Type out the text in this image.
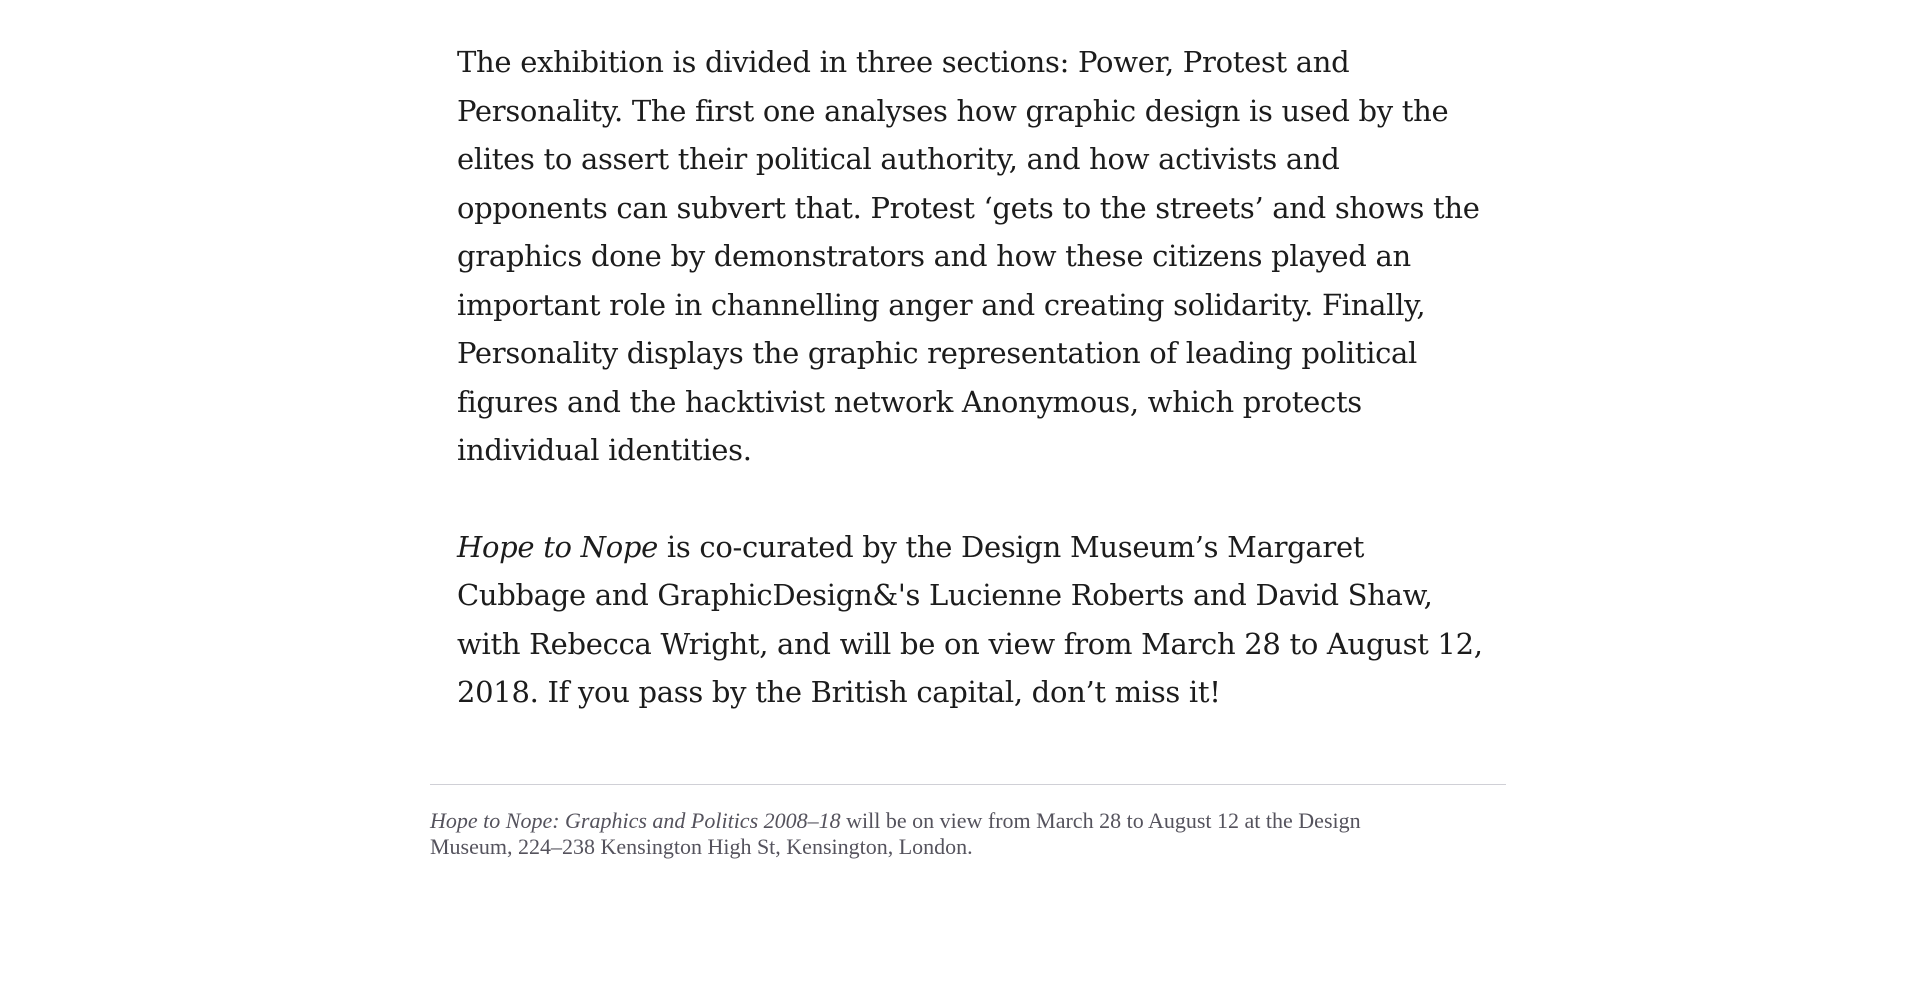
The exhibition is divided in three sections: Power, Protest and Personality. The first one analyses how graphic design is used by the elites to assert their political authority, and how activists and opponents can subvert that. Protest ‘gets to the streets’ and shows the graphics done by demonstrators and how these citizens played an important role in channelling anger and creating solidarity. Finally, Personality displays the graphic representation of leading political figures and the hacktivist network Anonymous, which protects individual identities.

Hope to Nope is co-curated by the Design Museum’s Margaret Cubbage and GraphicDesign&'s Lucienne Roberts and David Shaw, with Rebecca Wright, and will be on view from March 28 to August 12, 2018. If you pass by the British capital, don’t miss it!

Hope to Nope: Graphics and Politics 2008–18 will be on view from March 28 to August 12 at the Design Museum, 224–238 Kensington High St, Kensington, London.
